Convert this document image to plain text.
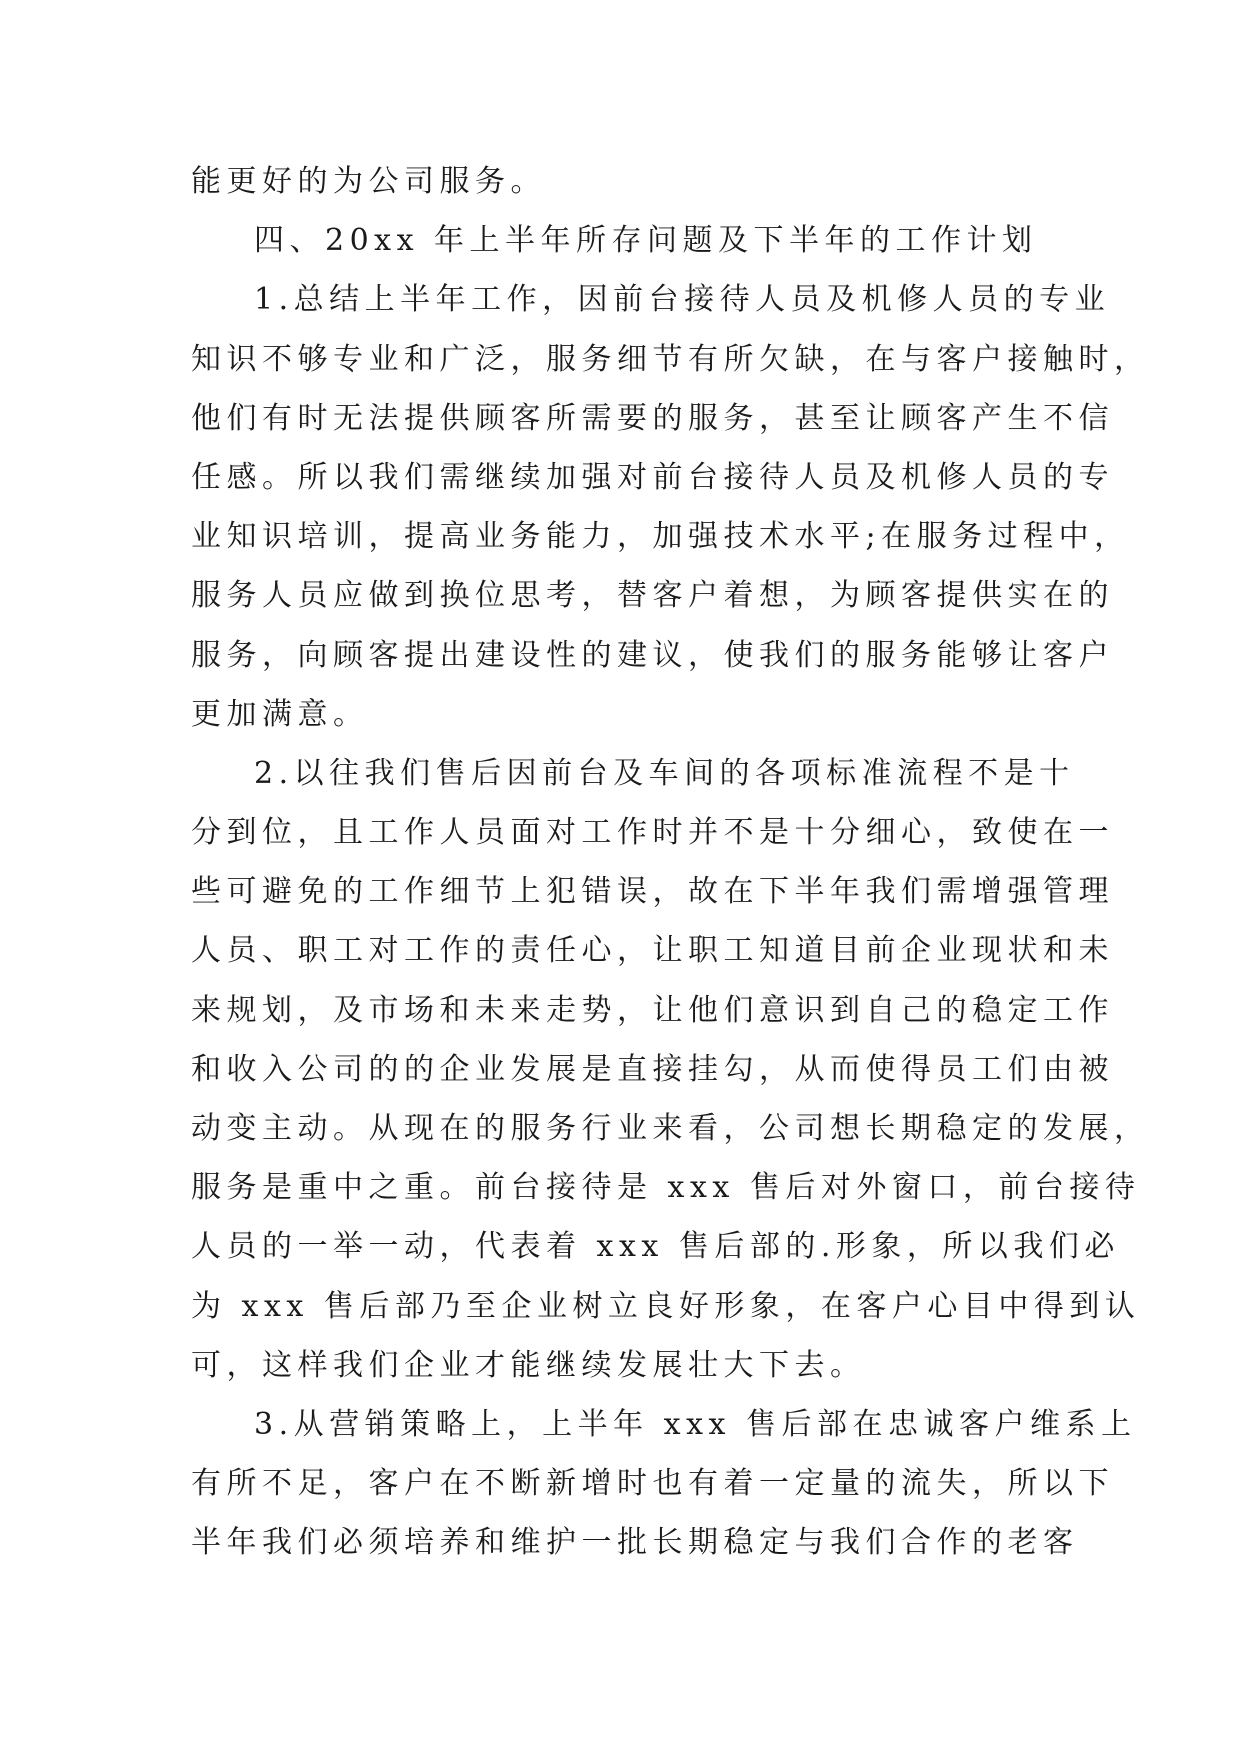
能更好的为公司服务。
四、20xx 年上半年所存问题及下半年的工作计划
1.总结上半年工作，因前台接待人员及机修人员的专业
知识不够专业和广泛，服务细节有所欠缺，在与客户接触时，
他们有时无法提供顾客所需要的服务，甚至让顾客产生不信
任感。所以我们需继续加强对前台接待人员及机修人员的专
业知识培训，提高业务能力，加强技术水平;在服务过程中，
服务人员应做到换位思考，替客户着想，为顾客提供实在的
服务，向顾客提出建设性的建议，使我们的服务能够让客户
更加满意。
2.以往我们售后因前台及车间的各项标准流程不是十
分到位，且工作人员面对工作时并不是十分细心，致使在一
些可避免的工作细节上犯错误，故在下半年我们需增强管理
人员、职工对工作的责任心，让职工知道目前企业现状和未
来规划，及市场和未来走势，让他们意识到自己的稳定工作
和收入公司的的企业发展是直接挂勾，从而使得员工们由被
动变主动。从现在的服务行业来看，公司想长期稳定的发展，
服务是重中之重。前台接待是 xxx 售后对外窗口，前台接待
人员的一举一动，代表着 xxx 售后部的.形象，所以我们必
为 xxx 售后部乃至企业树立良好形象，在客户心目中得到认
可，这样我们企业才能继续发展壮大下去。
3.从营销策略上，上半年 xxx 售后部在忠诚客户维系上
有所不足，客户在不断新增时也有着一定量的流失，所以下
半年我们必须培养和维护一批长期稳定与我们合作的老客
